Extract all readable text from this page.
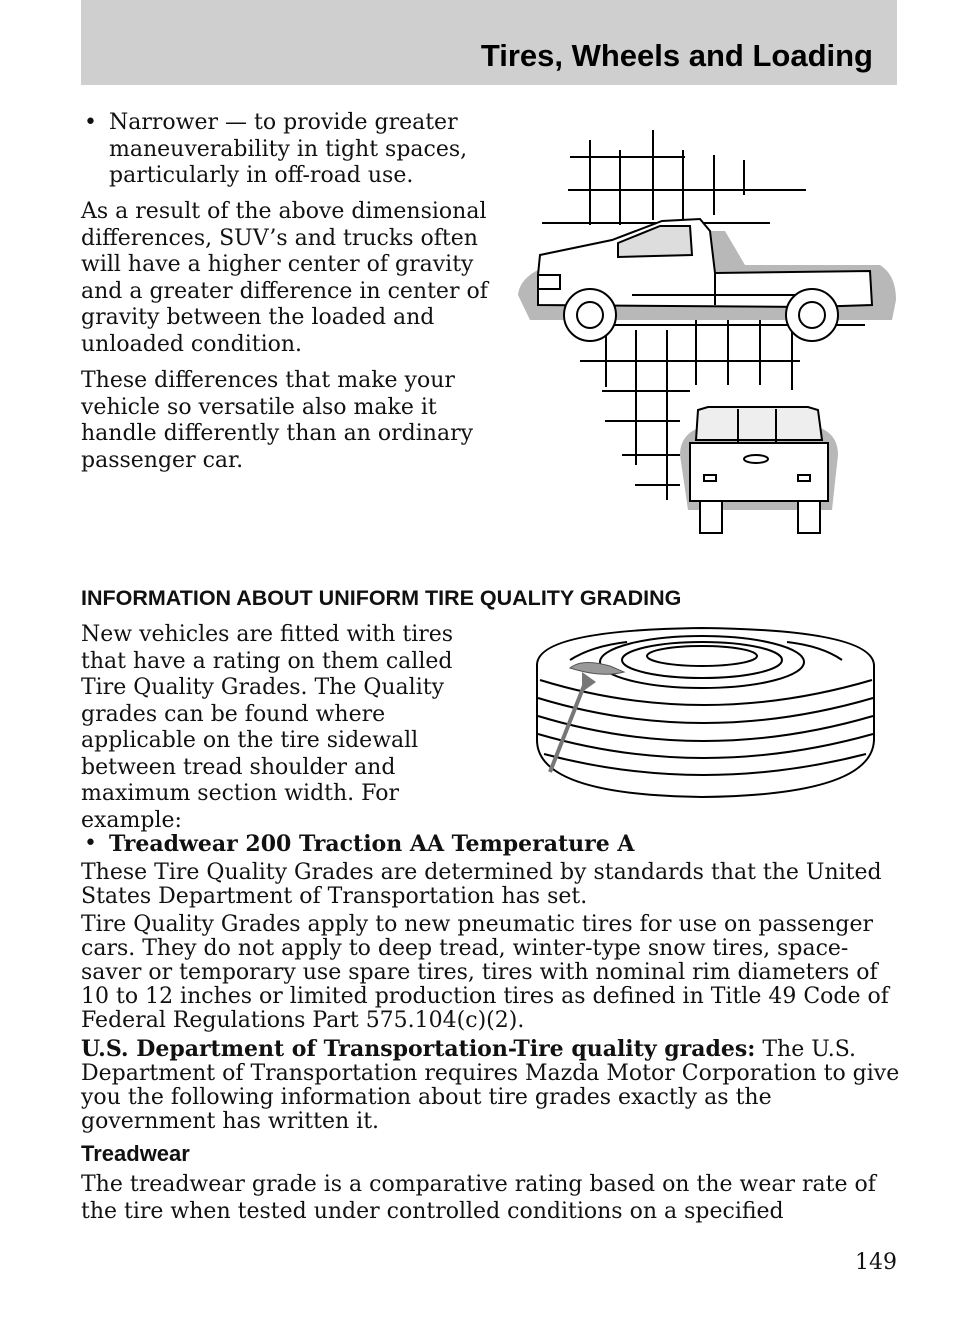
Tires, Wheels and Loading
• Narrower — to provide greater maneuverability in tight spaces, particularly in off-road use.

As a result of the above dimensional differences, SUV’s and trucks often will have a higher center of gravity and a greater difference in center of gravity between the loaded and unloaded condition.

These differences that make your vehicle so versatile also make it handle differently than an ordinary passenger car.

INFORMATION ABOUT UNIFORM TIRE QUALITY GRADING

New vehicles are fitted with tires that have a rating on them called Tire Quality Grades. The Quality grades can be found where applicable on the tire sidewall between tread shoulder and maximum section width. For example:

• Treadwear 200 Traction AA Temperature A

These Tire Quality Grades are determined by standards that the United States Department of Transportation has set.

Tire Quality Grades apply to new pneumatic tires for use on passenger cars. They do not apply to deep tread, winter-type snow tires, space-saver or temporary use spare tires, tires with nominal rim diameters of 10 to 12 inches or limited production tires as defined in Title 49 Code of Federal Regulations Part 575.104(c)(2).

U.S. Department of Transportation-Tire quality grades: The U.S. Department of Transportation requires Mazda Motor Corporation to give you the following information about tire grades exactly as the government has written it.

Treadwear

The treadwear grade is a comparative rating based on the wear rate of the tire when tested under controlled conditions on a specified

149
